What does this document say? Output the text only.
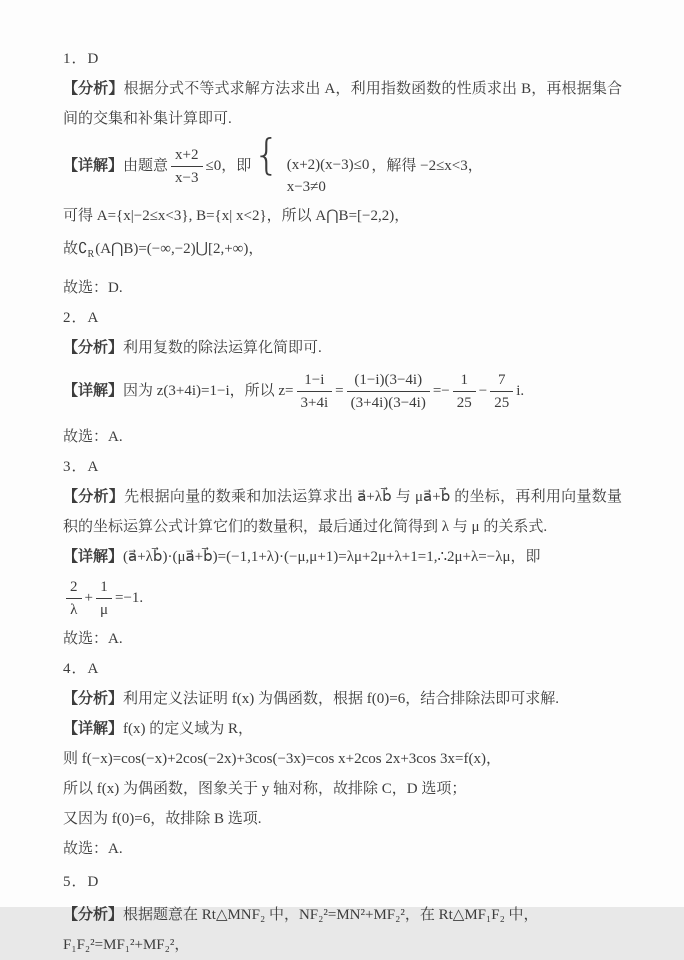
1．D

【分析】根据分式不等式求解方法求出 A，利用指数函数的性质求出 B，再根据集合间的交集和补集计算即可.

【详解】 由题意 $\frac{x+2}{x-3} \le 0$，即 { (x+2)(x−3)≤0
x−3≠0
，解得 −2≤x<3，

可得 A={x|−2≤x<3}, B={x| x<2}，所以 A⋂B=[−2,2)，

故$∁_R(A⋂B)=(-\infty,-2)⋃[2,+\infty)$，

故选：D.

2．A

【分析】利用复数的除法运算化简即可.

【详解】 因为 z(3+4i)=1−i，所以 $z= \frac{1-i}{3+4i} = \frac{(1-i)(3-4i)}{(3+4i)(3-4i)} =- \frac{1}{25} - \frac{7}{25} i$.

故选：A.

3．A

【分析】先根据向量的数乘和加法运算求出 a⃗+λb⃗ 与 μa⃗+b⃗ 的坐标，再利用向量数量积的坐标运算公式计算它们的数量积，最后通过化简得到 λ 与 μ 的关系式.

【详解】(a⃗+λb⃗)·(μa⃗+b⃗)=(−1,1+λ)·(−μ,μ+1)=λμ+2μ+λ+1=1,∴2μ+λ=−λμ，即

$\frac{2}{\lambda} + \frac{1}{\mu} =-1$.

故选：A.

4．A

【分析】利用定义法证明 f(x) 为偶函数，根据 f(0)=6，结合排除法即可求解.

【详解】f(x) 的定义域为 R，

则 f(−x)=cos(−x)+2cos(−2x)+3cos(−3x)=cos x+2cos 2x+3cos 3x=f(x)，

所以 f(x) 为偶函数，图象关于 y 轴对称，故排除 C，D 选项；

又因为 f(0)=6，故排除 B 选项.

故选：A.

5．D

【分析】根据题意在 Rt△MNF₂ 中，NF₂²=MN²+MF₂²，在 Rt△MF₁F₂ 中，F₁F₂²=MF₁²+MF₂²，
